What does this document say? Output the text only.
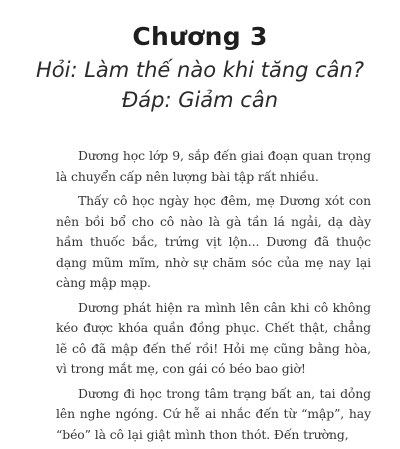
Chương 3
Hỏi: Làm thế nào khi tăng cân?
Đáp: Giảm cân

Dương học lớp 9, sắp đến giai đoạn quan trọng là chuyển cấp nên lượng bài tập rất nhiều.

Thấy cô học ngày học đêm, mẹ Dương xót con nên bồi bổ cho cô nào là gà tần lá ngải, dạ dày hầm thuốc bắc, trứng vịt lộn... Dương đã thuộc dạng mũm mĩm, nhờ sự chăm sóc của mẹ nay lại càng mập mạp.

Dương phát hiện ra mình lên cân khi cô không kéo được khóa quần đồng phục. Chết thật, chẳng lẽ cô đã mập đến thế rồi! Hỏi mẹ cũng bằng hòa, vì trong mắt mẹ, con gái có béo bao giờ!

Dương đi học trong tâm trạng bất an, tai dỏng lên nghe ngóng. Cứ hễ ai nhắc đến từ “mập”, hay “béo” là cô lại giật mình thon thót. Đến trường,
